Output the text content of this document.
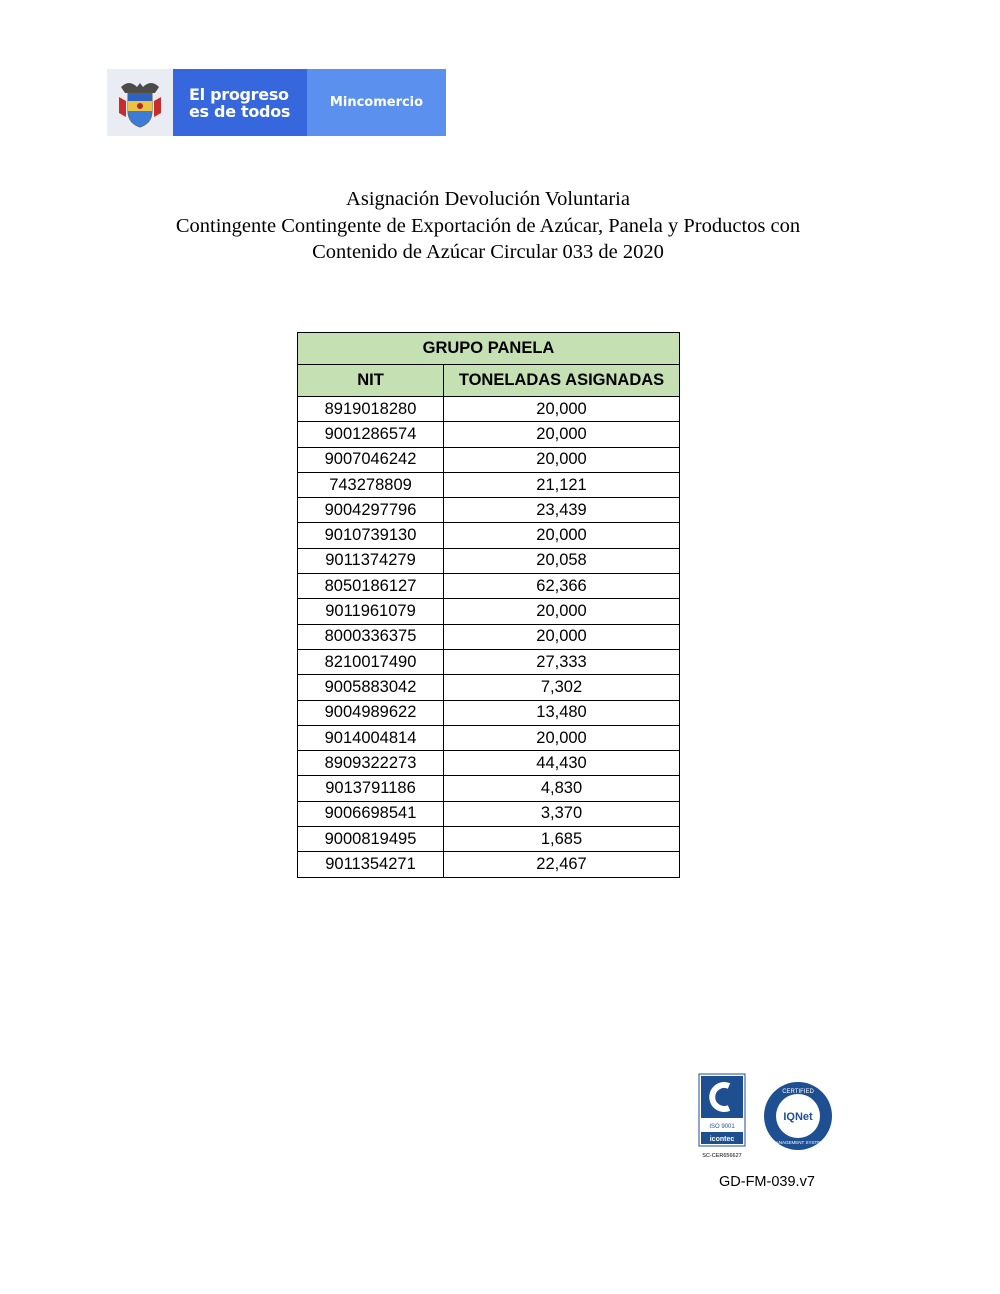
El progreso
es de todos	Mincomercio
Asignación Devolución Voluntaria
Contingente Contingente de Exportación de Azúcar, Panela y Productos con
Contenido de Azúcar Circular 033 de 2020
GRUPO PANELA	
NIT	TONELADAS ASIGNADAS
8919018280	20,000
9001286574	20,000
9007046242	20,000
743278809	21,121
9004297796	23,439
9010739130	20,000
9011374279	20,058
8050186127	62,366
9011961079	20,000
8000336375	20,000
8210017490	27,333
9005883042	7,302
9004989622	13,480
9014004814	20,000
8909322273	44,430
9013791186	4,830
9006698541	3,370
9000819495	1,685
9011354271	22,467
ISO 9001
icontec
SC-CER656627
CERTIFIED
MANAGEMENT SYSTEM
IQNet
GD-FM-039.v7
